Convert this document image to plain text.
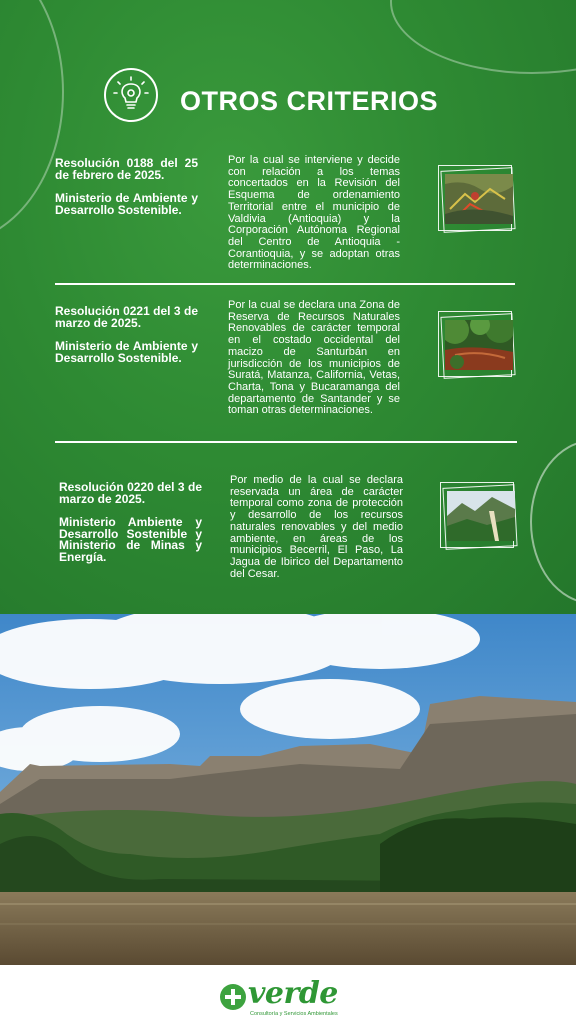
OTROS CRITERIOS

Resolución 0188 del 25 de febrero de 2025.

Ministerio de Ambiente y Desarrollo Sostenible.

Por la cual se interviene y decide con relación a los temas concertados en la Revisión del Esquema de ordenamiento Territorial entre el municipio de Valdivia (Antioquia) y la Corporación Autónoma Regional del Centro de Antioquia - Corantioquia, y se adoptan otras determinaciones.

Resolución 0221 del 3 de marzo de 2025.

Ministerio de Ambiente y Desarrollo Sostenible.

Por la cual se declara una Zona de Reserva de Recursos Naturales Renovables de carácter temporal en el costado occidental del macizo de Santurbán en jurisdicción de los municipios de Suratá, Matanza, California, Vetas, Charta, Tona y Bucaramanga del departamento de Santander y se toman otras determinaciones.

Resolución 0220 del 3 de marzo de 2025.

Ministerio Ambiente y Desarrollo Sostenible y Ministerio de Minas y Energía.

Por medio de la cual se declara reservada un área de carácter temporal como zona de protección y desarrollo de los recursos naturales renovables y del medio ambiente, en áreas de los municipios Becerril, El Paso, La Jagua de Ibirico del Departamento del Cesar.
verde
Consultoría y Servicios Ambientales
